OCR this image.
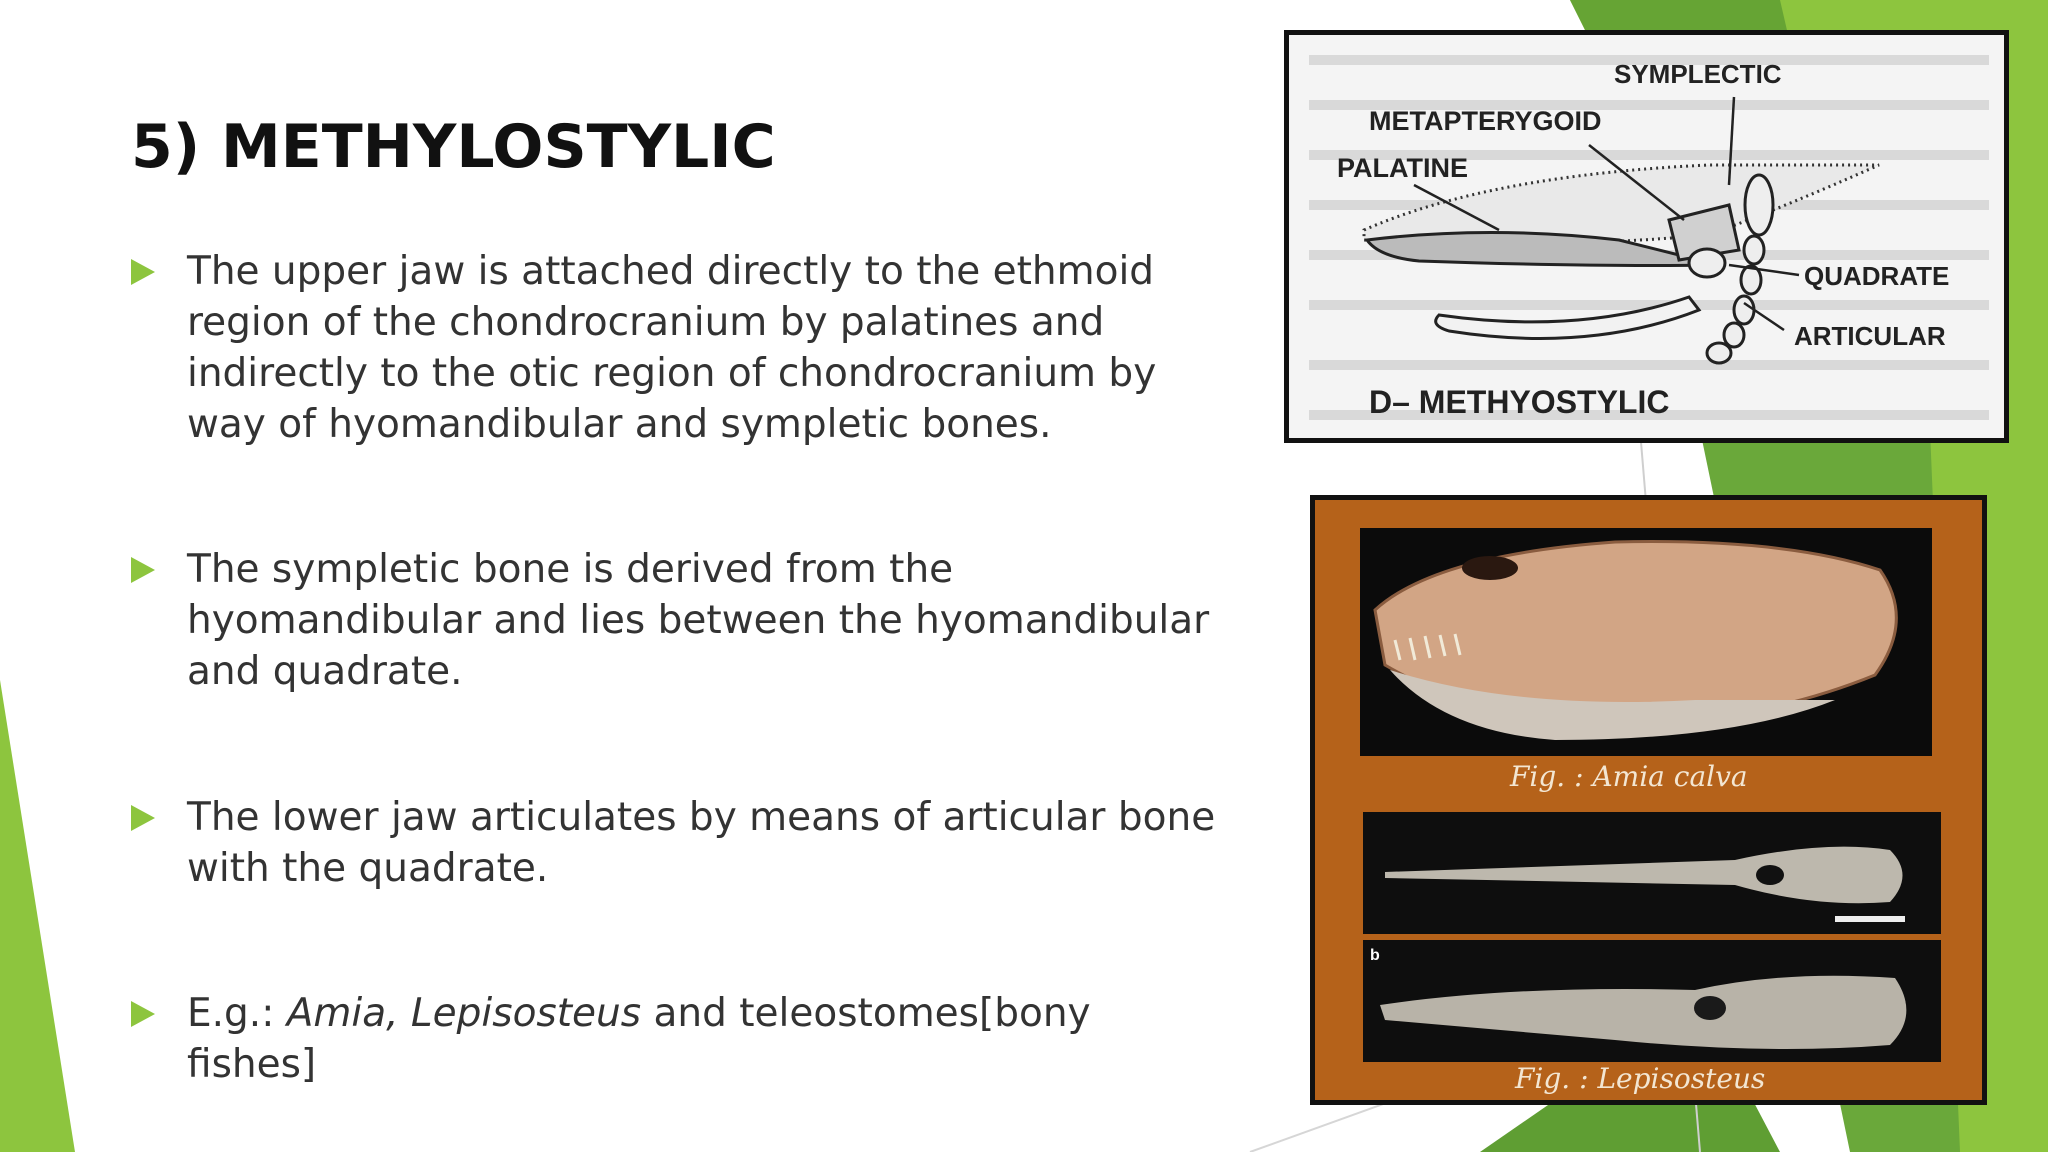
5) METHYLOSTYLIC
The upper jaw is attached directly to the ethmoid region of the chondrocranium by palatines and indirectly to the otic region of chondrocranium by way of hyomandibular and sympletic bones.
The sympletic bone is derived from the hyomandibular and lies between the hyomandibular and quadrate.
The lower jaw articulates by means of articular bone with the quadrate.
E.g.: Amia, Lepisosteus and teleostomes[bony fishes]
SYMPLECTIC
METAPTERYGOID
PALATINE
QUADRATE
ARTICULAR
D– METHYOSTYLIC
Fig. : Amia calva
b
Fig. : Lepisosteus
